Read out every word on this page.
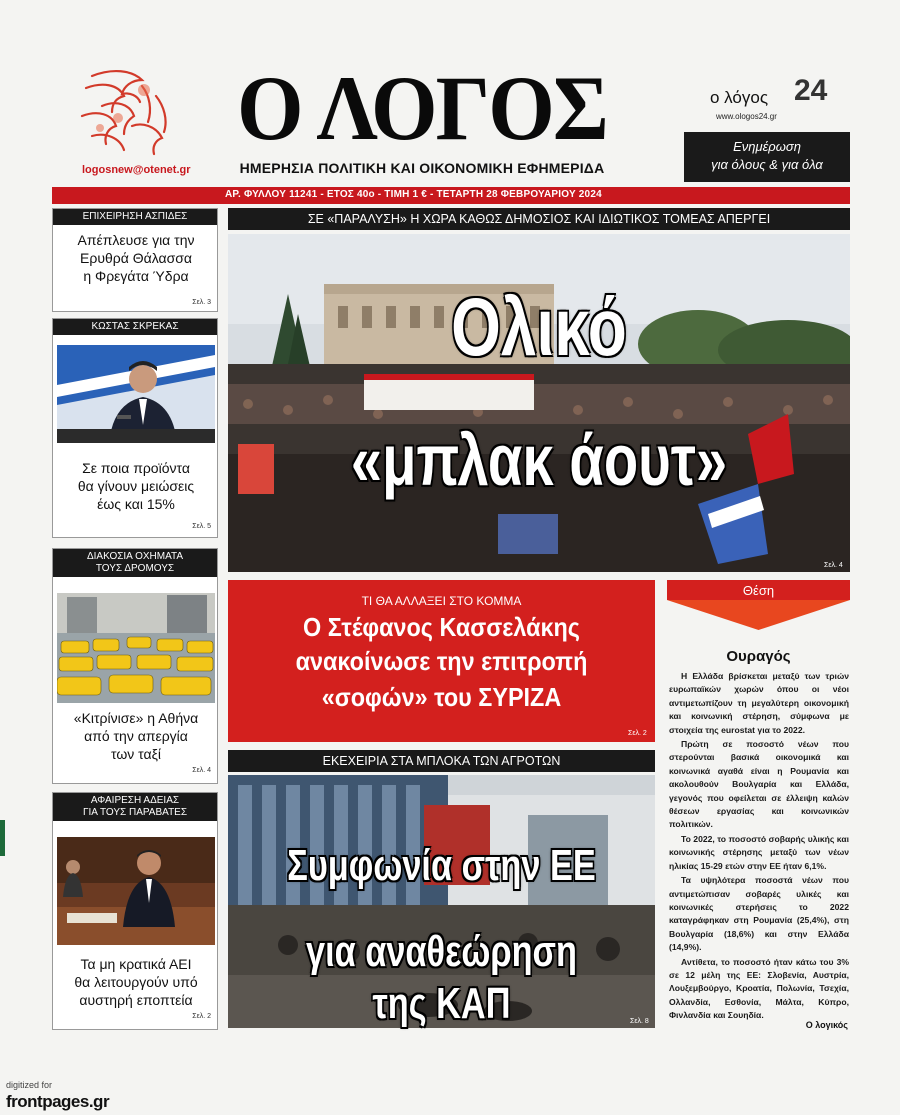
logosnew@otenet.gr
Ο ΛΟΓΟΣ
ΗΜΕΡΗΣΙΑ ΠΟΛΙΤΙΚΗ ΚΑΙ ΟΙΚΟΝΟΜΙΚΗ ΕΦΗΜΕΡΙΔΑ
ο λόγος 24
www.ologos24.gr
Ενημέρωση
για όλους & για όλα
ΑΡ. ΦΥΛΛΟΥ 11241 - ΕΤΟΣ 40ο - ΤΙΜΗ 1 € - ΤΕΤΑΡΤΗ 28 ΦΕΒΡΟΥΑΡΙΟΥ 2024
ΕΠΙΧΕΙΡΗΣΗ ΑΣΠΙΔΕΣ
Απέπλευσε για την
Ερυθρά Θάλασσα
η Φρεγάτα Ύδρα
Σελ. 3
ΚΩΣΤΑΣ ΣΚΡΕΚΑΣ
Σε ποια προϊόντα
θα γίνουν μειώσεις
έως και 15%
Σελ. 5
ΔΙΑΚΟΣΙΑ ΟΧΗΜΑΤΑ
ΤΟΥΣ ΔΡΟΜΟΥΣ
«Κιτρίνισε» η Αθήνα
από την απεργία
των ταξί
Σελ. 4
ΑΦΑΙΡΕΣΗ ΑΔΕΙΑΣ
ΓΙΑ ΤΟΥΣ ΠΑΡΑΒΑΤΕΣ
Τα μη κρατικά ΑΕΙ
θα λειτουργούν υπό
αυστηρή εποπτεία
Σελ. 2
ΣΕ «ΠΑΡΑΛΥΣΗ» Η ΧΩΡΑ ΚΑΘΩΣ ΔΗΜΟΣΙΟΣ ΚΑΙ ΙΔΙΩΤΙΚΟΣ ΤΟΜΕΑΣ ΑΠΕΡΓΕΙ
Ολικό
«μπλακ άουτ»
Σελ. 4
ΤΙ ΘΑ ΑΛΛΑΞΕΙ ΣΤΟ ΚΟΜΜΑ
Ο Στέφανος Κασσελάκης
ανακοίνωσε την επιτροπή
«σοφών» του ΣΥΡΙΖΑ
Σελ. 2
ΕΚΕΧΕΙΡΙΑ ΣΤΑ ΜΠΛΟΚΑ ΤΩΝ ΑΓΡΟΤΩΝ
Συμφωνία στην ΕΕ
για αναθεώρηση της ΚΑΠ	Σελ. 8
Θέση
Ουραγός

Η Ελλάδα βρίσκεται μεταξύ των τριών ευρωπαϊκών χωρών όπου οι νέοι αντιμετωπίζουν τη μεγαλύτερη οικονομική και κοινωνική στέρηση, σύμφωνα με στοιχεία της eurostat για το 2022.

Πρώτη σε ποσοστό νέων που στερούνται βασικά οικονομικά και κοινωνικά αγαθά είναι η Ρουμανία και ακολουθούν Βουλγαρία και Ελλάδα, γεγονός που οφείλεται σε έλλειψη καλών θέσεων εργασίας και κοινωνικών πολιτικών.

Το 2022, το ποσοστό σοβαρής υλικής και κοινωνικής στέρησης μεταξύ των νέων ηλικίας 15-29 ετών στην ΕΕ ήταν 6,1%.

Τα υψηλότερα ποσοστά νέων που αντιμετώπισαν σοβαρές υλικές και κοινωνικές στερήσεις το 2022 καταγράφηκαν στη Ρουμανία (25,4%), στη Βουλγαρία (18,6%) και στην Ελλάδα (14,9%).

Αντίθετα, το ποσοστό ήταν κάτω του 3% σε 12 μέλη της ΕΕ: Σλοβενία, Αυστρία, Λουξεμβούργο, Κροατία, Πολωνία, Τσεχία, Ολλανδία, Εσθονία, Μάλτα, Κύπρο, Φινλανδία και Σουηδία.

Ο λογικός
digitized for
frontpages.gr
